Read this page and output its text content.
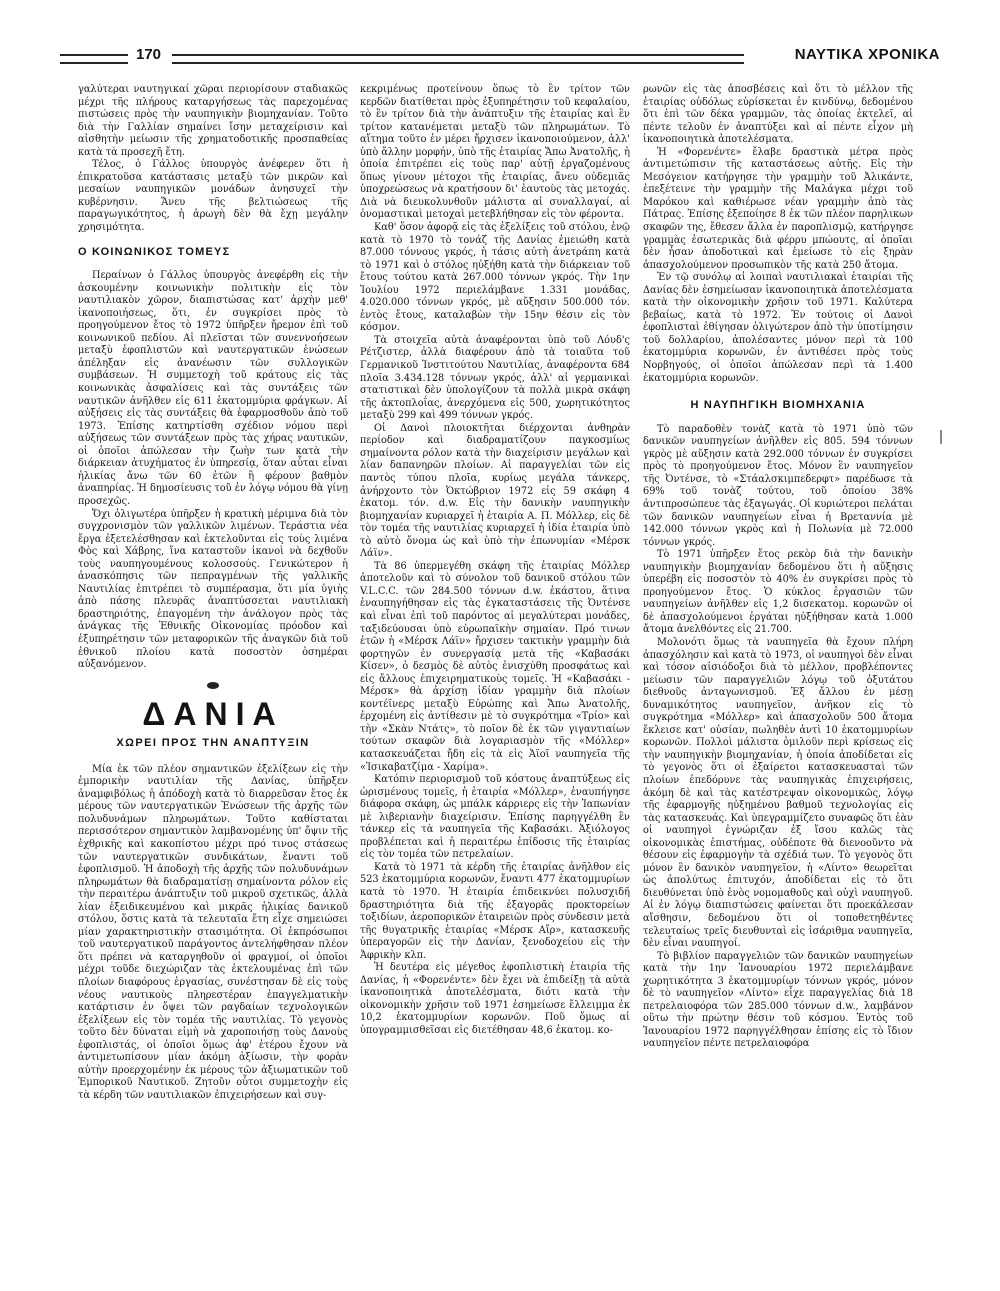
170	ΝΑΥΤΙΚΑ ΧΡΟΝΙΚΑ

γαλύτεραι ναυτηγικαί χῶραι περιορίσουν σταδιακῶς μέχρι τῆς πλήρους καταργήσεως τὰς παρεχομένας πιστώσεις πρὸς τὴν ναυπηγικὴν βιομηχανίαν. Τοῦτο διὰ τὴν Γαλλίαν σημαίνει ἴσην μεταχείρισιν καὶ αἰσθητὴν μείωσιν τῆς χρηματοδοτικῆς προσπαθείας κατὰ τὰ προσεχῆ ἔτη.

Τέλος, ὁ Γάλλος ὑπουργὸς ἀνέφερεν ὅτι ἡ ἐπικρατοῦσα κατάστασις μεταξὺ τῶν μικρῶν καὶ μεσαίων ναυπηγικῶν μονάδων ἀνησυχεῖ τὴν κυβέρνησιν. Ἄνευ τῆς βελτιώσεως τῆς παραγωγικότητος, ἡ ἀρωγὴ δὲν θὰ ἔχῃ μεγάλην χρησιμότητα.

Ο ΚΟΙΝΩΝΙΚΟΣ ΤΟΜΕΥΣ

Περαίνων ὁ Γάλλος ὑπουργὸς ἀνεφέρθη εἰς τὴν ἀσκουμένην κοινωνικὴν πολιτικὴν εἰς τὸν ναυτιλιακὸν χῶρον, διαπιστώσας κατ' ἀρχὴν μεθ' ἱκανοποιήσεως, ὅτι, ἐν συγκρίσει πρὸς τὸ προηγούμενον ἔτος τὸ 1972 ὑπῆρξεν ἤρεμον ἐπὶ τοῦ κοινωνικοῦ πεδίου. Αἱ πλεῖσται τῶν συνεννοήσεων μεταξὺ ἐφοπλιστῶν καὶ ναυτεργατικῶν ἑνώσεων ἀπέληξαν εἰς ἀνανέωσιν τῶν συλλογικῶν συμβάσεων. Ἡ συμμετοχὴ τοῦ κράτους εἰς τὰς κοινωνικὰς ἀσφαλίσεις καὶ τὰς συντάξεις τῶν ναυτικῶν ἀνῆλθεν εἰς 611 ἑκατομμύρια φράγκων. Αἱ αὐξήσεις εἰς τὰς συντάξεις θὰ ἐφαρμοσθοῦν ἀπὸ τοῦ 1973. Ἐπίσης κατηρτίσθη σχέδιον νόμου περὶ αὐξήσεως τῶν συντάξεων πρὸς τὰς χήρας ναυτικῶν, οἱ ὁποῖοι ἀπώλεσαν τὴν ζωὴν των κατὰ τὴν διάρκειαν ἀτυχήματος ἐν ὑπηρεσίᾳ, ὅταν αὗται εἶναι ἡλικίας ἄνω τῶν 60 ἐτῶν ἢ φέρουν βαθμὸν ἀναπηρίας. Ἡ δημοσίευσις τοῦ ἐν λόγῳ νόμου θὰ γίνῃ προσεχῶς.

Ὄχι ὀλιγωτέρα ὑπῆρξεν ἡ κρατικὴ μέριμνα διὰ τὸν συγχρονισμὸν τῶν γαλλικῶν λιμένων. Τεράστια νέα ἔργα ἐξετελέσθησαν καὶ ἐκτελοῦνται εἰς τοὺς λιμένα Φὸς καὶ Χάβρης, ἵνα καταστοῦν ἱκανοὶ νὰ δεχθοῦν τοὺς ναυπηγουμένους κολοσσούς. Γενικώτερον ἡ ἀνασκόπησις τῶν πεπραγμένων τῆς γαλλικῆς Ναυτιλίας ἐπιτρέπει τὸ συμπέρασμα, ὅτι μία ὑγιὴς ἀπὸ πάσης πλευρᾶς ἀναπτύσσεται ναυτιλιακὴ δραστηριότης, ἐπαγομένη τὴν ἀνάλογον πρὸς τὰς ἀνάγκας τῆς Ἐθνικῆς Οἰκονομίας πρόοδον καὶ ἐξυπηρέτησιν τῶν μεταφορικῶν τῆς ἀναγκῶν διὰ τοῦ ἐθνικοῦ πλοίου κατὰ ποσοστὸν ὁσημέραι αὐξανόμενον.

ΔΑΝΙΑ
ΧΩΡΕΙ ΠΡΟΣ ΤΗΝ ΑΝΑΠΤΥΞΙΝ

Μία ἐκ τῶν πλέον σημαντικῶν ἐξελίξεων εἰς τὴν ἐμπορικὴν ναυτιλίαν τῆς Δανίας, ὑπῆρξεν ἀναμφιβόλως ἡ ἀπόδοχὴ κατὰ τὸ διαρρεῦσαν ἔτος ἐκ μέρους τῶν ναυτεργατικῶν Ἑνώσεων τῆς ἀρχῆς τῶν πολυδυνάμων πληρωμάτων. Τοῦτο καθίσταται περισσότερον σημαντικὸν λαμβανομένης ὑπ' ὄψιν τῆς ἐχθρικῆς καὶ κακοπίστου μέχρι πρό τινος στάσεως τῶν ναυτεργατικῶν συνδικάτων, ἔναντι τοῦ ἐφοπλισμοῦ. Ἡ ἀποδοχὴ τῆς ἀρχῆς τῶν πολυδυνάμων πληρωμάτων θὰ διαδραματίσῃ σημαίνοντα ρόλον εἰς τὴν περαιτέρω ἀνάπτυξιν τοῦ μικροῦ σχετικῶς, ἀλλὰ λίαν ἐξειδικευμένου καὶ μικρᾶς ἡλικίας δανικοῦ στόλου, ὅστις κατὰ τὰ τελευταῖα ἔτη εἶχε σημειώσει μίαν χαρακτηριστικὴν στασιμότητα. Οἱ ἐκπρόσωποι τοῦ ναυτεργατικοῦ παράγοντος ἀντελήφθησαν πλέον ὅτι πρέπει νὰ καταργηθοῦν οἱ φραγμοί, οἱ ὁποῖοι μέχρι τοῦδε διεχώριζαν τὰς ἐκτελουμένας ἐπὶ τῶν πλοίων διαφόρους ἐργασίας, συνέστησαν δὲ εἰς τοὺς νέους ναυτικοὺς πληρεστέραν ἐπαγγελματικὴν κατάρτισιν ἐν ὄψει τῶν ραγδαίων τεχνολογικῶν ἐξελίξεων εἰς τὸν τομέα τῆς ναυτιλίας. Τὸ γεγονὸς τοῦτο δὲν δύναται εἰμὴ νὰ χαροποιήσῃ τοὺς Δανοὺς ἐφοπλιστάς, οἱ ὁποῖοι ὅμως ἀφ' ἑτέρου ἔχουν νὰ ἀντιμετωπίσουν μίαν ἀκόμη ἀξίωσιν, τὴν φορὰν αὐτὴν προερχομένην ἐκ μέρους τῶν ἀξιωματικῶν τοῦ Ἐμπορικοῦ Ναυτικοῦ. Ζητοῦν οὗτοι συμμετοχὴν εἰς τὰ κέρδη τῶν ναυτιλιακῶν ἐπιχειρήσεων καὶ συγ-

κεκριμένως προτείνουν ὅπως τὸ ἓν τρίτον τῶν κερδῶν διατίθεται πρὸς ἐξυπηρέτησιν τοῦ κεφαλαίου, τὸ ἓν τρίτον διὰ τὴν ἀνάπτυξιν τῆς ἑταιρίας καὶ ἓν τρίτον κατανέμεται μεταξὺ τῶν πληρωμάτων. Τὸ αἴτημα τοῦτο ἐν μέρει ἤρχισεν ἱκανοποιούμενον, ἀλλ' ὑπὸ ἄλλην μορφήν, ὑπὸ τῆς ἑταιρίας Ἄπω Ἀνατολῆς, ἡ ὁποία ἐπιτρέπει εἰς τοὺς παρ' αὐτῇ ἐργαζομένους ὅπως γίνουν μέτοχοι τῆς ἑταιρίας, ἄνευ οὐδεμιᾶς ὑποχρεώσεως νὰ κρατήσουν δι' ἑαυτοὺς τὰς μετοχάς. Διὰ νὰ διευκολυνθοῦν μάλιστα αἱ συναλλαγαί, αἱ ὀνομαστικαὶ μετοχαὶ μετεβλήθησαν εἰς τὸν φέροντα.

Καθ' ὅσον ἀφορᾷ εἰς τὰς ἐξελίξεις τοῦ στόλου, ἐνῷ κατὰ τὸ 1970 τὸ τονάζ τῆς Δανίας ἐμειώθη κατὰ 87.000 τόννους γκρός, ἡ τάσις αὐτὴ ἀνετράπη κατὰ τὸ 1971 καὶ ὁ στόλος ηὐξήθη κατὰ τὴν διάρκειαν τοῦ ἔτους τούτου κατὰ 267.000 τόννων γκρός. Τὴν 1ην Ἰουλίου 1972 περιελάμβανε 1.331 μονάδας, 4.020.000 τόννων γκρός, μὲ αὔξησιν 500.000 τόν. ἐντὸς ἔτους, καταλαβὼν τὴν 15ην θέσιν εἰς τὸν κόσμον.

Τὰ στοιχεῖα αὐτὰ ἀναφέρονται ὑπὸ τοῦ Λόυδ'ς Ρέτζιστερ, ἀλλὰ διαφέρουν ἀπὸ τὰ τοιαῦτα τοῦ Γερμανικοῦ Ἰνστιτούτου Ναυτιλίας, ἀναφέροντα 684 πλοῖα 3.434.128 τόννων γκρός, ἀλλ' αἱ γερμανικαὶ στατιστικαὶ δὲν ὑπολογίζουν τὰ πολλὰ μικρὰ σκάφη τῆς ἀκτοπλοΐας, ἀνερχόμενα εἰς 500, χωρητικότητος μεταξὺ 299 καὶ 499 τόννων γκρός.

Οἱ Δανοὶ πλοιοκτῆται διέρχονται ἀνθηρὰν περίοδον καὶ διαδραματίζουν παγκοσμίως σημαίνοντα ρόλον κατὰ τὴν διαχείρισιν μεγάλων καὶ λίαν δαπανηρῶν πλοίων. Αἱ παραγγελίαι τῶν εἰς παντὸς τύπου πλοῖα, κυρίως μεγάλα τάνκερς, ἀνήρχοντο τὸν Ὀκτώβριον 1972 εἰς 59 σκάφη 4 ἑκατομ. τόν. d.w. Εἰς τὴν δανικὴν ναυπηγικὴν βιομηχανίαν κυριαρχεῖ ἡ ἑταιρία Α. Π. Μόλλερ, εἰς δὲ τὸν τομέα τῆς ναυτιλίας κυριαρχεῖ ἡ ἰδία ἑταιρία ὑπὸ τὸ αὐτὸ ὄνομα ὡς καὶ ὑπὸ τὴν ἐπωνυμίαν «Μέρσκ Λάϊν».

Τὰ 86 ὑπερμεγέθη σκάφη τῆς ἑταιρίας Μόλλερ ἀποτελοῦν καὶ τὸ σύνολον τοῦ δανικοῦ στόλου τῶν V.L.C.C. τῶν 284.500 τόννων d.w. ἑκάστου, ἅτινα ἐναυπηγήθησαν εἰς τὰς ἐγκαταστάσεις τῆς Ὀντένσε καὶ εἶναι ἐπὶ τοῦ παρόντος αἱ μεγαλύτεραι μονάδες, ταξιδεύουσαι ὑπὸ εὐρωπαϊκὴν σημαίαν. Πρό τινων ἐτῶν ἡ «Μέρσκ Λάϊν» ἤρχισεν τακτικὴν γραμμὴν διὰ φορτηγῶν ἐν συνεργασίᾳ μετὰ τῆς «Καβασάκι Κίσεν», ὁ δεσμὸς δὲ αὐτὸς ἐνισχύθη προσφάτως καὶ εἰς ἄλλους ἐπιχειρηματικοὺς τομεῖς. Ἡ «Καβασάκι - Μέρσκ» θὰ ἀρχίσῃ ἰδίαν γραμμὴν διὰ πλοίων κοντέϊνερς μεταξὺ Εὐρώπης καὶ Ἄπω Ἀνατολῆς, ἐρχομένη εἰς ἀντίθεσιν μὲ τὸ συγκρότημα «Τρίο» καὶ τὴν «Σκὰν Ντάτς», τὸ ποῖον δὲ ἐκ τῶν γιγαντιαίων τούτων σκαφῶν διὰ λογαριασμὸν τῆς «Μόλλερ» κατασκευάζεται ἤδη εἰς τὰ εἰς Ἀϊοῖ ναυπηγεῖα τῆς «Ἰσικαβατζίμα - Χαρίμα».

Κατόπιν περιορισμοῦ τοῦ κόστους ἀναπτύξεως εἰς ὡρισμένους τομεῖς, ἡ ἑταιρία «Μόλλερ», ἐναυπήγησε διάφορα σκάφη, ὡς μπάλκ κάρριερς εἰς τὴν Ἰαπωνίαν μὲ λιβεριανὴν διαχείρισιν. Ἐπίσης παρηγγέλθη ἓν τάνκερ εἰς τὰ ναυπηγεῖα τῆς Καβασάκι. Ἀξιόλογος προβλέπεται καὶ ἡ περαιτέρω ἐπίδοσις τῆς ἑταιρίας εἰς τὸν τομέα τῶν πετρελαίων.

Κατὰ τὸ 1971 τὰ κέρδη τῆς ἑταιρίας ἀνῆλθον εἰς 523 ἑκατομμύρια κορωνῶν, ἔναντι 477 ἑκατομμυρίων κατὰ τὸ 1970. Ἡ ἑταιρία ἐπιδεικνύει πολυσχιδῆ δραστηριότητα διὰ τῆς ἐξαγορᾶς προκτορείων τοξιδίων, ἀεροπορικῶν ἑταιρειῶν πρὸς σύνδεσιν μετὰ τῆς θυγατρικῆς ἑταιρίας «Μέρσκ Αἴρ», κατασκευῆς ὑπεραγορῶν εἰς τὴν Δανίαν, ξενοδοχείου εἰς τὴν Ἀφρικὴν κλπ.

Ἡ δευτέρα εἰς μέγεθος ἐφοπλιστικὴ ἑταιρία τῆς Δανίας, ἡ «Φορενέντε» δὲν ἔχει νὰ ἐπιδείξῃ τὰ αὐτὰ ἱκανοποιητικὰ ἀποτελέσματα, διότι κατὰ τὴν οἰκονομικὴν χρῆσιν τοῦ 1971 ἐσημείωσε ἔλλειμμα ἐκ 10,2 ἑκατομμυρίων κορωνῶν. Ποῦ ὅμως αἱ ὑπογραμμισθεῖσαι εἰς διετέθησαν 48,6 ἑκατομ. κο-

ρωνῶν εἰς τὰς ἀποσβέσεις καὶ ὅτι τὸ μέλλον τῆς ἑταιρίας οὐδόλως εὑρίσκεται ἐν κινδύνῳ, δεδομένου ὅτι ἐπὶ τῶν δέκα γραμμῶν, τὰς ὁποίας ἐκτελεῖ, αἱ πέντε τελοῦν ἐν ἀναπτύξει καὶ αἱ πέντε εἶχον μὴ ἱκανοποιητικὰ ἀποτελέσματα.

Ἡ «Φορενέντε» ἔλαβε δραστικὰ μέτρα πρὸς ἀντιμετώπισιν τῆς καταστάσεως αὐτῆς. Εἰς τὴν Μεσόγειον κατήργησε τὴν γραμμὴν τοῦ Ἀλικάντε, ἐπεξέτεινε τὴν γραμμὴν τῆς Μαλάγκα μέχρι τοῦ Μαρόκου καὶ καθιέρωσε νέαν γραμμὴν ἀπὸ τὰς Πάτρας. Ἐπίσης ἐξεποίησε 8 ἐκ τῶν πλέον παρηλικων σκαφῶν της, ἔθεσεν ἄλλα ἐν παροπλισμῷ, κατήργησε γραμμὰς ἐσωτερικὰς διὰ φέρρυ μπώουτς, αἱ ὁποῖαι δὲν ἦσαν ἀποδοτικαὶ καὶ ἐμείωσε τὸ εἰς ξηρὰν ἀπασχολούμενον προσωπικὸν τῆς κατὰ 250 ἄτομα.

Ἐν τῷ συνόλῳ αἱ λοιπαὶ ναυτιλιακαὶ ἑταιρίαι τῆς Δανίας δὲν ἐσημείωσαν ἱκανοποιητικὰ ἀποτελέσματα κατὰ τὴν οἰκονομικὴν χρῆσιν τοῦ 1971. Καλύτερα βεβαίως, κατὰ τὸ 1972. Ἐν τούτοις οἱ Δανοὶ ἐφοπλισταὶ ἐθίγησαν ὀλιγώτερον ἀπὸ τὴν ὑποτίμησιν τοῦ δολλαρίου, ἀπολέσαντες μόνον περὶ τὰ 100 ἑκατομμύρια κορωνῶν, ἐν ἀντιθέσει πρὸς τοὺς Νορβηγούς, οἱ ὁποῖοι ἀπώλεσαν περὶ τὰ 1.400 ἑκατομμύρια κορωνῶν.

Η ΝΑΥΠΗΓΙΚΗ ΒΙΟΜΗΧΑΝΙΑ

Τὸ παραδοθὲν τονὰζ κατὰ τὸ 1971 ὑπὸ τῶν δανικῶν ναυπηγείων ἀνῆλθεν εἰς 805. 594 τόννων γκρὸς μὲ αὔξησιν κατὰ 292.000 τόννων ἐν συγκρίσει πρὸς τὸ προηγούμενον ἔτος. Μόνον ἓν ναυπηγεῖον τῆς Ὀντένσε, τὸ «Στάαλσκιμπεδερφτ» παρέδωσε τὰ 69% τοῦ τονὰζ τούτου, τοῦ ὁποίου 38% ἀντιπροσώπευε τὰς ἐξαγωγάς. Οἱ κυριώτεροι πελάται τῶν δανικῶν ναυπηγείων εἶναι ἡ Βρεταννία μὲ 142.000 τόννων γκρὸς καὶ ἡ Πολωνία μὲ 72.000 τόννων γκρός.

Τὸ 1971 ὑπῆρξεν ἔτος ρεκὸρ διὰ τὴν δανικὴν ναυπηγικὴν βιομηχανίαν δεδομένου ὅτι ἡ αὔξησις ὑπερέβη εἰς ποσοστὸν τὸ 40% ἐν συγκρίσει πρὸς τὸ προηγούμενον ἔτος. Ὁ κύκλος ἐργασιῶν τῶν ναυπηγείων ἀνῆλθεν εἰς 1,2 δισεκατομ. κορωνῶν οἱ δὲ ἀπασχολούμενοι ἐργάται ηὐξήθησαν κατὰ 1.000 ἄτομα ἀνελθόντες εἰς 21.700.

Μολονότι ὅμως τὰ ναυπηγεῖα θὰ ἔχουν πλήρη ἀπασχόλησιν καὶ κατὰ τὸ 1973, οἱ ναυπηγοὶ δὲν εἶναι καὶ τόσον αἰσιόδοξοι διὰ τὸ μέλλον, προβλέποντες μείωσιν τῶν παραγγελιῶν λόγῳ τοῦ ὀξυτάτου διεθνοῦς ἀνταγωνισμοῦ. Ἐξ ἄλλου ἐν μέσῃ δυναμικότητος ναυπηγεῖον, ἀνῆκον εἰς τὸ συγκρότημα «Μόλλερ» καὶ ἀπασχολοῦν 500 ἄτομα ἔκλεισε κατ' οὐσίαν, πωληθὲν ἀντὶ 10 ἑκατομμυρίων κορωνῶν. Πολλοὶ μάλιστα ὁμιλοῦν περὶ κρίσεως εἰς τὴν ναυπηγικὴν βιομηχανίαν, ἡ ὁποία ἀποδίδεται εἰς τὸ γεγονὸς ὅτι οἱ ἐξαίρετοι κατασκευασταὶ τῶν πλοίων ἐπεδόρυνε τὰς ναυπηγικὰς ἐπιχειρήσεις, ἀκόμη δὲ καὶ τὰς κατέστρεψαν οἰκονομικῶς, λόγῳ τῆς ἐφαρμογῆς ηὐξημένου βαθμοῦ τεχνολογίας εἰς τὰς κατασκευάς. Καὶ ὑπεγραμμίζετο συναφῶς ὅτι ἐὰν οἱ ναυπηγοὶ ἐγνώριζαν ἐξ ἴσου καλῶς τὰς οἰκονομικὰς ἐπιστήμας, οὐδέποτε θὰ διενοοῦντο νὰ θέσουν εἰς ἐφαρμογὴν τὰ σχέδιά των. Τὸ γεγονὸς ὅτι μόνον ἓν δανικὸν ναυπηγεῖον, ἡ «Λίντο» θεωρεῖται ὡς ἀπολύτως ἐπιτυχόν, ἀποδίδεται εἰς τὸ ὅτι διευθύνεται ὑπὸ ἑνὸς νομομαθοῦς καὶ οὐχὶ ναυπηγοῦ. Αἱ ἐν λόγῳ διαπιστώσεις φαίνεται ὅτι προεκάλεσαν αἴσθησιν, δεδομένου ὅτι οἱ τοποθετηθέντες τελευταίως τρεῖς διευθυνταὶ εἰς ἰσάριθμα ναυπηγεῖα, δὲν εἶναι ναυπηγοί.

Τὸ βιβλίον παραγγελιῶν τῶν δανικῶν ναυπηγείων κατὰ τὴν 1ην Ἰανουαρίου 1972 περιελάμβανε χωρητικότητα 3 ἑκατομμυρίων τόννων γκρός, μόνον δὲ τὸ ναυπηγεῖον «Λίντο» εἶχε παραγγελίας διὰ 18 πετρελαιοφόρα τῶν 285.000 τόννων d.w., λαμβάνον οὕτω τὴν πρώτην θέσιν τοῦ κόσμου. Ἐντὸς τοῦ Ἰανουαρίου 1972 παρηγγέλθησαν ἐπίσης εἰς τὸ ἴδιον ναυπηγεῖον πέντε πετρελαιοφόρα
